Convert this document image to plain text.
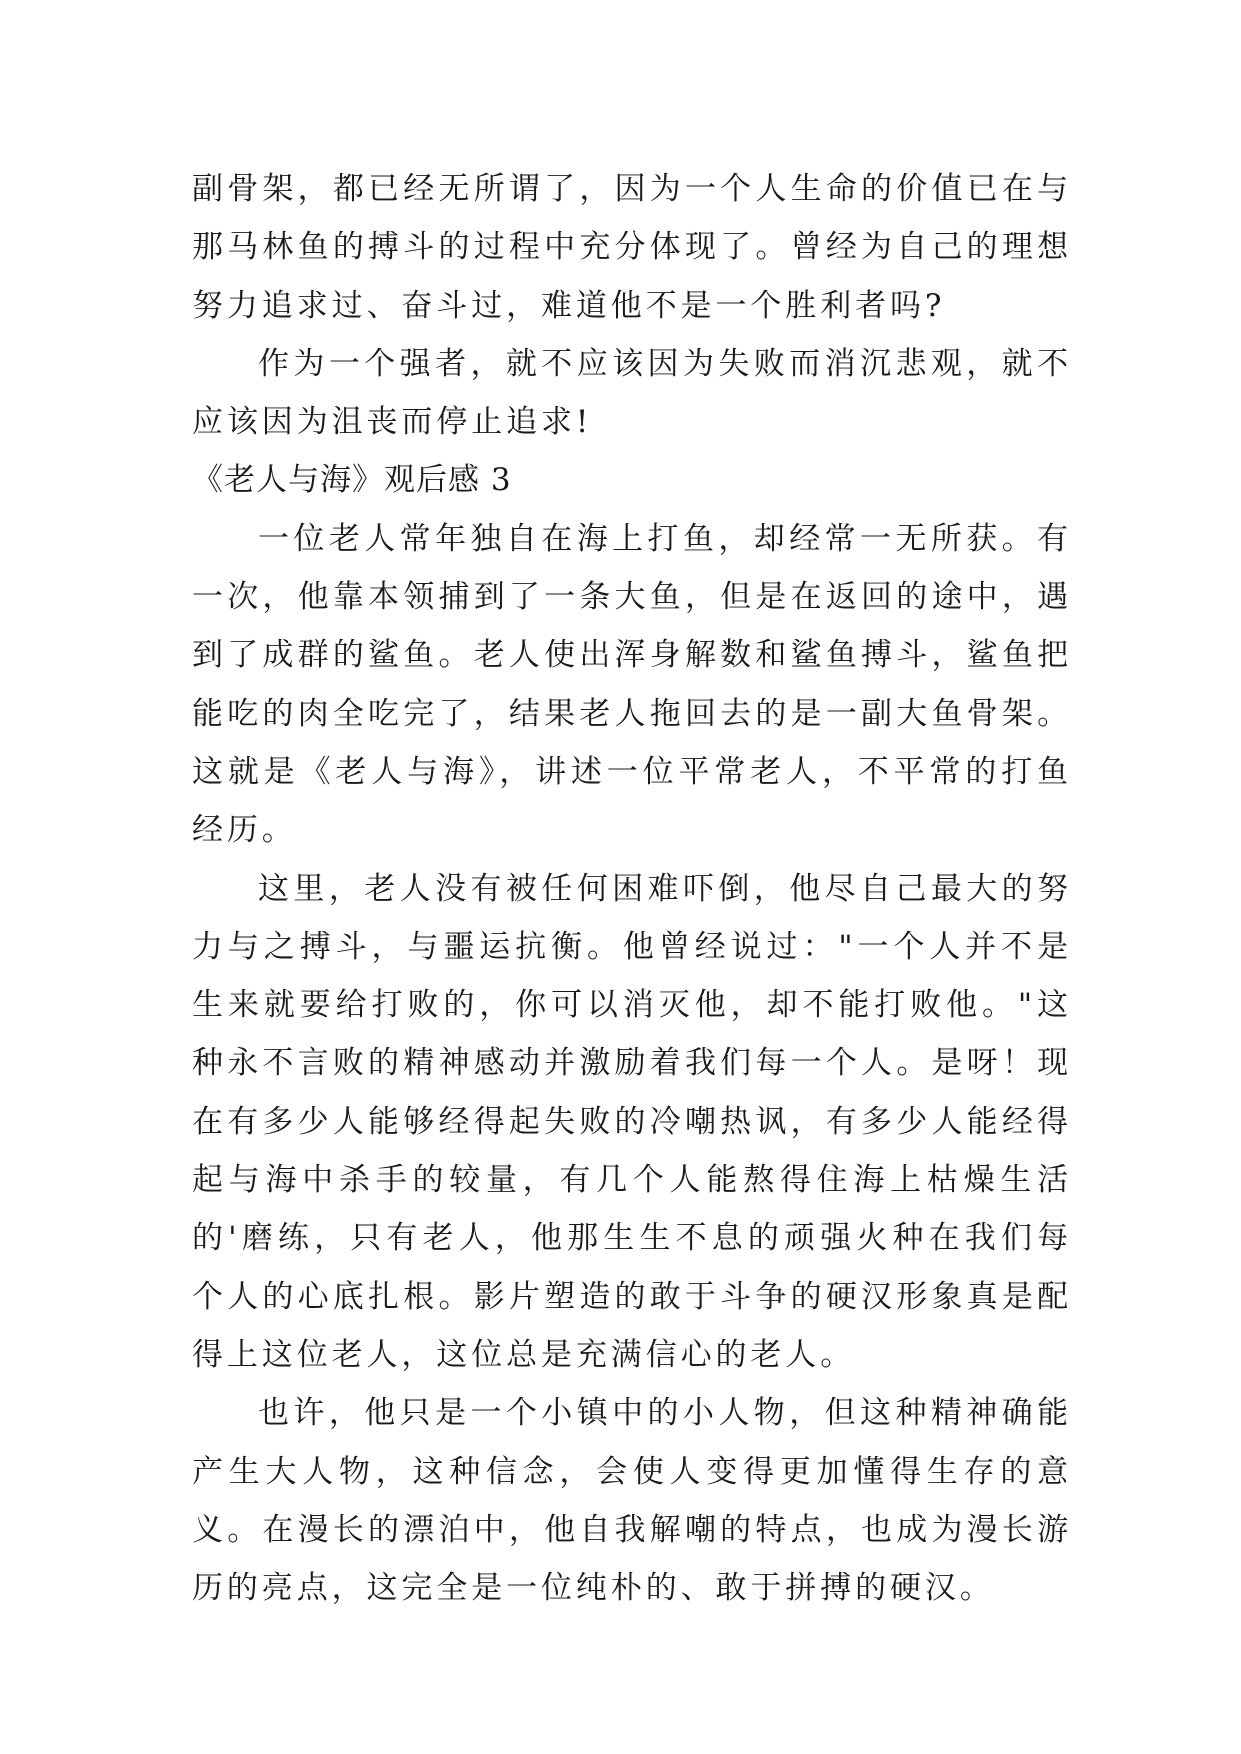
副骨架，都已经无所谓了，因为一个人生命的价值已在与那马林鱼的搏斗的过程中充分体现了。曾经为自己的理想努力追求过、奋斗过，难道他不是一个胜利者吗?

作为一个强者，就不应该因为失败而消沉悲观，就不应该因为沮丧而停止追求!

《老人与海》观后感 3

一位老人常年独自在海上打鱼，却经常一无所获。有一次，他靠本领捕到了一条大鱼，但是在返回的途中，遇到了成群的鲨鱼。老人使出浑身解数和鲨鱼搏斗，鲨鱼把能吃的肉全吃完了，结果老人拖回去的是一副大鱼骨架。这就是《老人与海》，讲述一位平常老人，不平常的打鱼经历。

这里，老人没有被任何困难吓倒，他尽自己最大的努力与之搏斗，与噩运抗衡。他曾经说过："一个人并不是生来就要给打败的，你可以消灭他，却不能打败他。"这种永不言败的精神感动并激励着我们每一个人。是呀！现在有多少人能够经得起失败的冷嘲热讽，有多少人能经得起与海中杀手的较量，有几个人能熬得住海上枯燥生活的'磨练，只有老人，他那生生不息的顽强火种在我们每个人的心底扎根。影片塑造的敢于斗争的硬汉形象真是配得上这位老人，这位总是充满信心的老人。

也许，他只是一个小镇中的小人物，但这种精神确能产生大人物，这种信念，会使人变得更加懂得生存的意义。在漫长的漂泊中，他自我解嘲的特点，也成为漫长游历的亮点，这完全是一位纯朴的、敢于拼搏的硬汉。
